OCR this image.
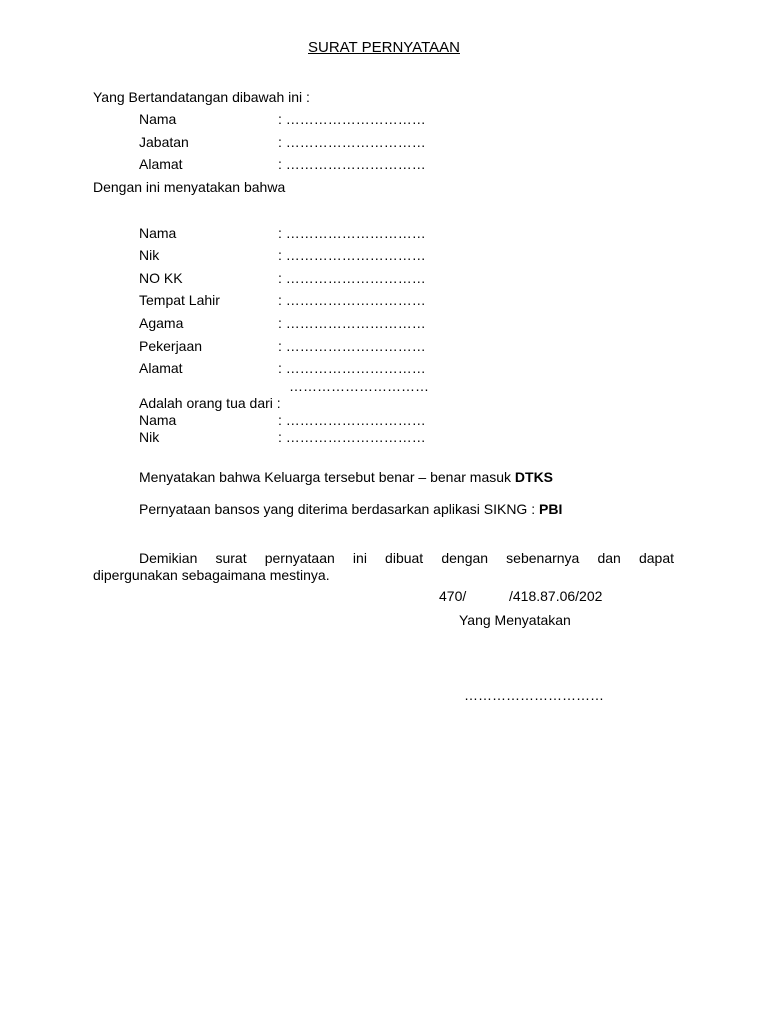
SURAT PERNYATAAN
Yang Bertandatangan dibawah ini :
Nama	: …………………………
Jabatan	: …………………………
Alamat	: …………………………
Dengan ini menyatakan bahwa
Nama	: …………………………
Nik	: …………………………
NO KK	: …………………………
Tempat Lahir	: …………………………
Agama	: …………………………
Pekerjaan	: …………………………
Alamat	: …………………………
…………………………
Adalah orang tua dari :
Nama	: …………………………
Nik	: …………………………
Menyatakan bahwa Keluarga tersebut benar – benar masuk DTKS
Pernyataan bansos yang diterima berdasarkan aplikasi SIKNG : PBI
Demikian surat pernyataan ini dibuat dengan sebenarnya dan dapat
dipergunakan sebagaimana mestinya.
470/	/418.87.06/202
Yang Menyatakan
…………………………
